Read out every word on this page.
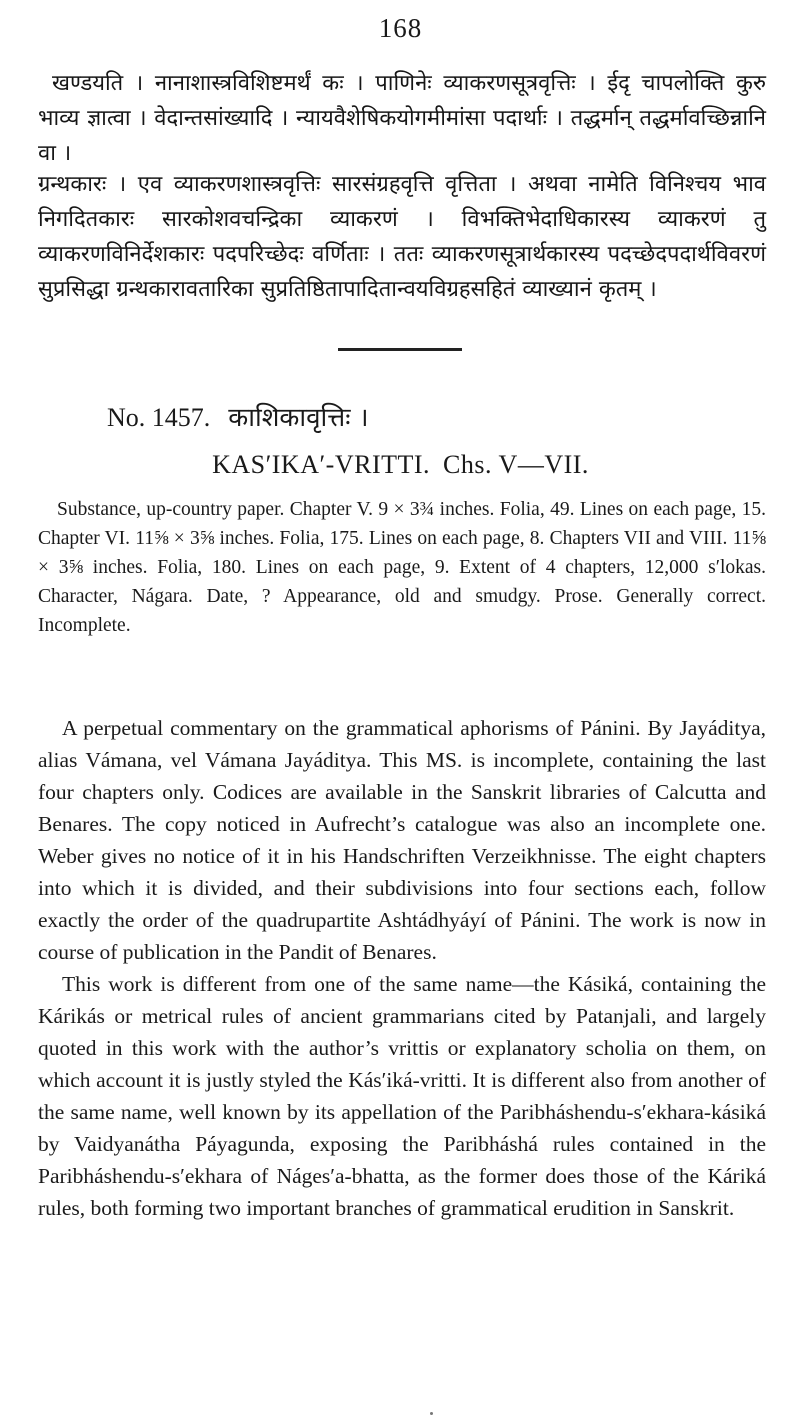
168

खण्डयति । नानाशास्त्रविशिष्टमर्थं कः । पाणिनेः व्याकरणसूत्रवृत्तिः । ईदृ चापलोक्ति कुरु भाव्य ज्ञात्वा । वेदान्तसांख्यादि । न्यायवैशेषिकयोगमीमांसा पदार्थाः । तद्धर्मान् तद्धर्मावच्छिन्नानि वा ।

ग्रन्थकारः । एव व्याकरणशास्त्रवृत्तिः सारसंग्रहवृत्ति वृत्तिता । अथवा नामेति विनिश्चय भाव निगदितकारः सारकोशवचन्द्रिका व्याकरणं । विभक्तिभेदाधिकारस्य व्याकरणं तु व्याकरणविनिर्देशकारः पदपरिच्छेदः वर्णिताः । ततः व्याकरणसूत्रार्थकारस्य पदच्छेदपदार्थविवरणं सुप्रसिद्धा ग्रन्थकारावतारिका सुप्रतिष्ठितापादितान्वयविग्रहसहितं व्याख्यानं कृतम् ।

No. 1457. काशिकावृत्तिः ।
KAS′IKA′-VRITTI. Chs. V—VII.

Substance, up-country paper. Chapter V. 9 × 3¾ inches. Folia, 49. Lines on each page, 15. Chapter VI. 11⅝ × 3⅝ inches. Folia, 175. Lines on each page, 8. Chapters VII and VIII. 11⅝ × 3⅝ inches. Folia, 180. Lines on each page, 9. Extent of 4 chapters, 12,000 s′lokas. Character, Nágara. Date, ? Appearance, old and smudgy. Prose. Generally correct. Incomplete.

A perpetual commentary on the grammatical aphorisms of Pánini. By Jayáditya, alias Vámana, vel Vámana Jayáditya. This MS. is incomplete, containing the last four chapters only. Codices are available in the Sanskrit libraries of Calcutta and Benares. The copy noticed in Aufrecht’s catalogue was also an incomplete one. Weber gives no notice of it in his Handschriften Verzeikhnisse. The eight chapters into which it is divided, and their subdivisions into four sections each, follow exactly the order of the quadrupartite Ashtádhyáyí of Pánini. The work is now in course of publication in the Pandit of Benares.

This work is different from one of the same name—the Kásiká, containing the Kárikás or metrical rules of ancient grammarians cited by Patanjali, and largely quoted in this work with the author’s vrittis or explanatory scholia on them, on which account it is justly styled the Kás′iká-vritti. It is different also from another of the same name, well known by its appellation of the Paribháshendu-s′ekhara-kásiká by Vaidyanátha Páyagunda, exposing the Paribháshá rules contained in the Paribháshendu-s′ekhara of Náges′a-bhatta, as the former does those of the Káriká rules, both forming two important branches of grammatical erudition in Sanskrit.
